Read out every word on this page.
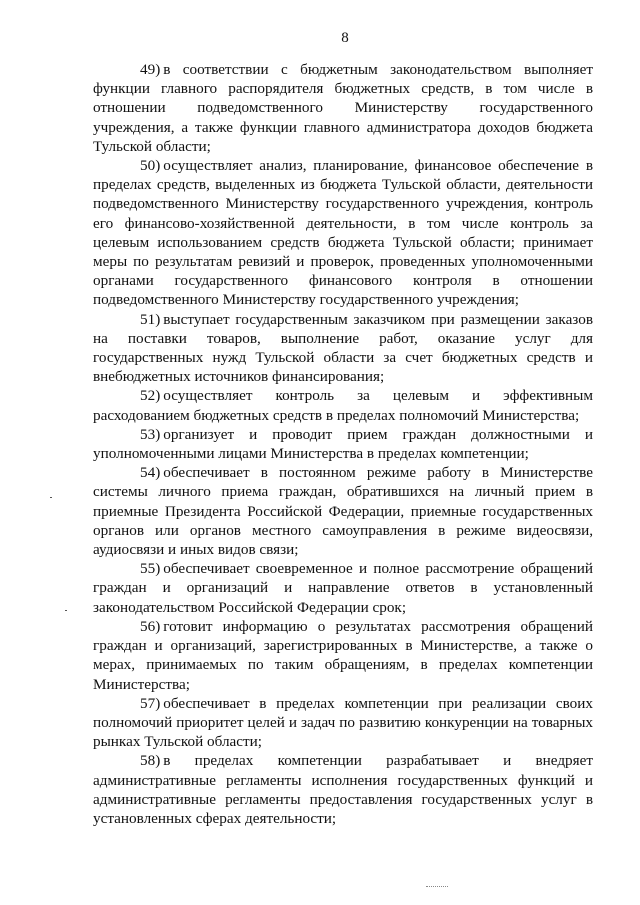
8

49) в соответствии с бюджетным законодательством выполняет функции главного распорядителя бюджетных средств, в том числе в отношении подведомственного Министерству государственного учреждения, а также функции главного администратора доходов бюджета Тульской области;

50) осуществляет анализ, планирование, финансовое обеспечение в пределах средств, выделенных из бюджета Тульской области, деятельности подведомственного Министерству государственного учреждения, контроль его финансово-хозяйственной деятельности, в том числе контроль за целевым использованием средств бюджета Тульской области; принимает меры по результатам ревизий и проверок, проведенных уполномоченными органами государственного финансового контроля в отношении подведомственного Министерству государственного учреждения;

51) выступает государственным заказчиком при размещении заказов на поставки товаров, выполнение работ, оказание услуг для государственных нужд Тульской области за счет бюджетных средств и внебюджетных источников финансирования;

52) осуществляет контроль за целевым и эффективным расходованием бюджетных средств в пределах полномочий Министерства;

53) организует и проводит прием граждан должностными и уполномоченными лицами Министерства в пределах компетенции;

54) обеспечивает в постоянном режиме работу в Министерстве системы личного приема граждан, обратившихся на личный прием в приемные Президента Российской Федерации, приемные государственных органов или органов местного самоуправления в режиме видеосвязи, аудиосвязи и иных видов связи;

55) обеспечивает своевременное и полное рассмотрение обращений граждан и организаций и направление ответов в установленный законодательством Российской Федерации срок;

56) готовит информацию о результатах рассмотрения обращений граждан и организаций, зарегистрированных в Министерстве, а также о мерах, принимаемых по таким обращениям, в пределах компетенции Министерства;

57) обеспечивает в пределах компетенции при реализации своих полномочий приоритет целей и задач по развитию конкуренции на товарных рынках Тульской области;

58) в пределах компетенции разрабатывает и внедряет административные регламенты исполнения государственных функций и административные регламенты предоставления государственных услуг в установленных сферах деятельности;
